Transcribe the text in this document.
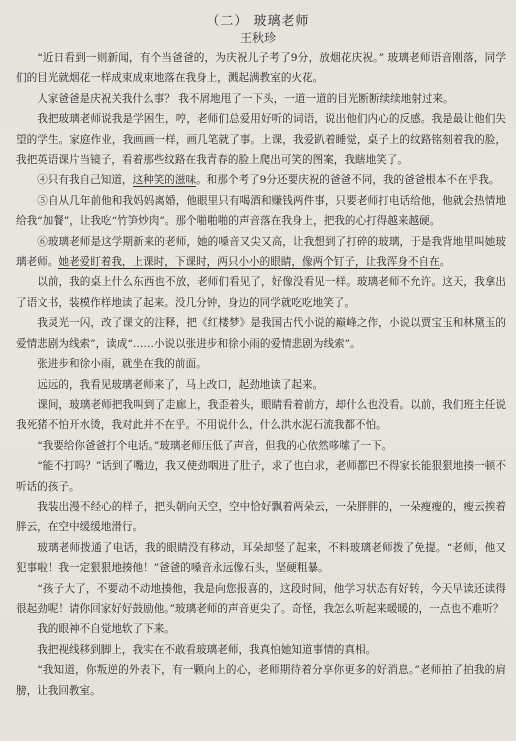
（二） 玻璃老师
王秋珍

“近日看到一则新闻，有个当爸爸的，为庆祝儿子考了9分，放烟花庆祝。” 玻璃老师语音刚落，同学们的目光就烟花一样成束成束地落在我身上，溅起满教室的火花。

人家爸爸是庆祝关我什么事？ 我不屑地甩了一下头，一道一道的目光断断续续地射过来。

我把玻璃老师说我是学困生，哼，老师们总爱用好听的词语，说出他们内心的反感。我是最让他们失望的学生。家庭作业，我画画一样，画几笔就了事。上课，我爱趴着睡觉，桌子上的纹路铭刻着我的脸，我把英语课片当镜子，看着那些纹路在我青春的脸上爬出可笑的图案，我瞎地笑了。

④只有我自己知道，这种笑的滋味。和那个考了9分还要庆祝的爸爸不同，我的爸爸根本不在乎我。

⑤自从几年前他和我妈妈离婚，他眼里只有喝酒和赚钱两件事，只要老师打电话给他，他就会热情地给我“加餐”，让我吃“竹笋炒肉”。那个啪啪啪的声音落在我身上，把我的心打得越来越硬。

⑥玻璃老师是这学期新来的老师，她的嗓音又尖又高，让我想到了打碎的玻璃，于是我背地里叫她玻璃老师。她老爱盯着我，上课时，下课时，两只小小的眼睛，像两个钉子，让我浑身不自在。

以前，我的桌上什么东西也不放，老师们看见了，好像没看见一样。玻璃老师不允许。这天，我拿出了语文书，装模作样地读了起来。没几分钟，身边的同学就吃吃地笑了。

我灵光一闪，改了课文的注释，把《红楼梦》是我国古代小说的巅峰之作，小说以贾宝玉和林黛玉的爱情悲剧为线索”，读成“……小说以张进步和徐小雨的爱情悲剧为线索”。

张进步和徐小雨，就坐在我的前面。

远远的，我看见玻璃老师来了，马上改口，起劲地读了起来。

课间，玻璃老师把我叫到了走廊上，我歪着头，眼睛看着前方，却什么也没看。以前，我们班主任说我死猪不怕开水烫，我对此并不在乎。不用说什么，什么洪水泥石流我都不怕。

“我要给你爸爸打个电话。”玻璃老师压低了声音，但我的心依然哆嗦了一下。

“能不打吗？”话到了嘴边，我又使劲咽进了肚子，求了也白求，老师都巴不得家长能狠狠地揍一顿不听话的孩子。

我装出漫不经心的样子，把头朝向天空，空中恰好飘着两朵云，一朵胖胖的，一朵瘦瘦的，瘦云挨着胖云，在空中缓缓地滑行。

玻璃老师拨通了电话，我的眼睛没有移动，耳朵却竖了起来，不料玻璃老师拨了免提。“老师，他又犯事啦！我一定狠狠地揍他！”爸爸的嗓音永远像石头，坚硬粗暴。

“孩子大了，不要动不动地揍他，我是向您报喜的，这段时间，他学习状态有好转，今天早读还读得很起劲呢！请你回家好好鼓励他。”玻璃老师的声音更尖了。奇怪，我怎么听起来暖暖的，一点也不难听？

我的眼神不自觉地软了下来。

我把视线移到脚上，我实在不敢看玻璃老师，我真怕她知道事情的真相。

“我知道，你叛逆的外表下，有一颗向上的心，老师期待着分享你更多的好消息。”老师拍了拍我的肩膀，让我回教室。
